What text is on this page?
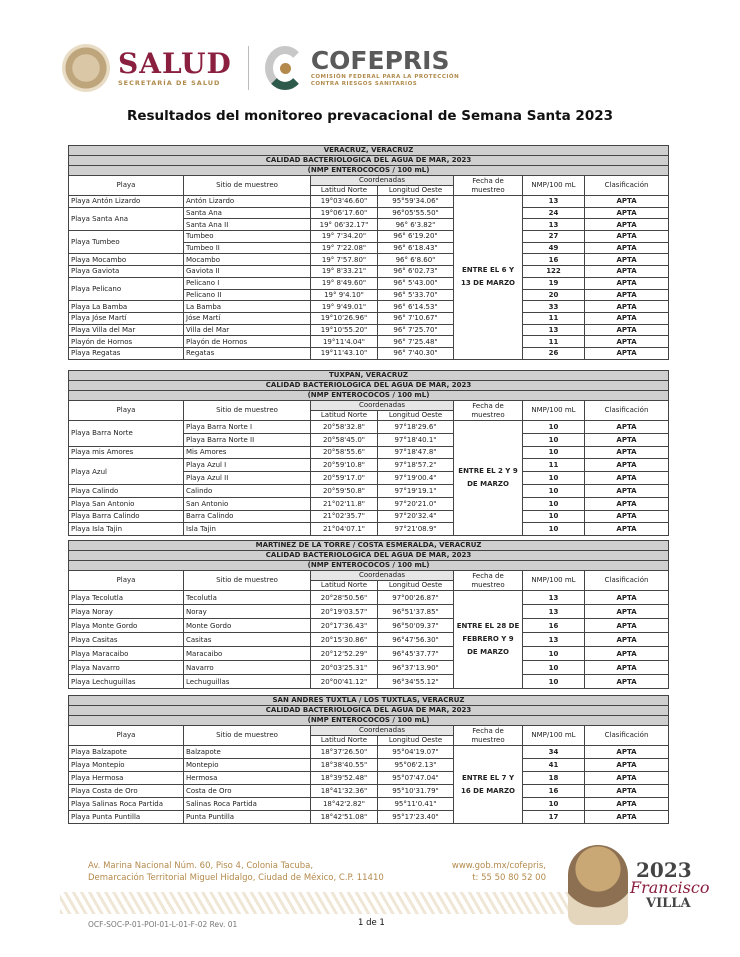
SALUD
SECRETARÍA DE SALUD
COFEPRIS
COMISIÓN FEDERAL PARA LA PROTECCIÓN
CONTRA RIESGOS SANITARIOS
Resultados del monitoreo prevacacional de Semana Santa 2023
VERACRUZ, VERACRUZ						
CALIDAD BACTERIOLOGICA DEL AGUA DE MAR, 2023						
(NMP ENTEROCOCOS / 100 mL)						
Playa	Sitio de muestreo	Coordenadas		Fecha de muestreo	NMP/100 mL	Clasificación
		Latitud Norte	Longitud Oeste			
Playa Antón Lizardo	Antón Lizardo	19°03'46.60"	95°59'34.06"	ENTRE EL 6 Y 13 DE MARZO	13	APTA
Playa Santa Ana	Santa Ana	19°06'17.60"	96°05'55.50"		24	APTA
	Santa Ana II	19° 06'32.17"	96° 6'3.82"		13	APTA
Playa Tumbeo	Tumbeo	19° 7'34.20"	96° 6'19.20"		27	APTA
	Tumbeo II	19° 7'22.08"	96° 6'18.43"		49	APTA
Playa Mocambo	Mocambo	19° 7'57.80"	96° 6'8.60"		16	APTA
Playa Gaviota	Gaviota II	19° 8'33.21"	96° 6'02.73"		122	APTA
Playa Pelicano	Pelicano I	19° 8'49.60"	96° 5'43.00"		19	APTA
	Pelicano II	19° 9'4.10"	96° 5'33.70"		20	APTA
Playa La Bamba	La Bamba	19° 9'49.01"	96° 6'14.53"		33	APTA
Playa Jóse Martí	Jóse Martí	19°10'26.96"	96° 7'10.67"		11	APTA
Playa Villa del Mar	Villa del Mar	19°10'55.20"	96° 7'25.70"		13	APTA
Playón de Hornos	Playón de Hornos	19°11'4.04"	96° 7'25.48"		11	APTA
Playa Regatas	Regatas	19°11'43.10"	96° 7'40.30"		26	APTA
TUXPAN, VERACRUZ						
CALIDAD BACTERIOLOGICA DEL AGUA DE MAR, 2023						
(NMP ENTEROCOCOS / 100 mL)						
Playa	Sitio de muestreo	Coordenadas		Fecha de muestreo	NMP/100 mL	Clasificación
		Latitud Norte	Longitud Oeste			
Playa Barra Norte	Playa Barra Norte I	20°58'32.8"	97°18'29.6"	ENTRE EL 2 Y 9 DE MARZO	10	APTA
	Playa Barra Norte II	20°58'45.0"	97°18'40.1"		10	APTA
Playa mis Amores	Mis Amores	20°58'55.6"	97°18'47.8"		10	APTA
Playa Azul	Playa Azul I	20°59'10.8"	97°18'57.2"		11	APTA
	Playa Azul II	20°59'17.0"	97°19'00.4"		10	APTA
Playa Calindo	Calindo	20°59'50.8"	97°19'19.1"		10	APTA
Playa San Antonio	San Antonio	21°02'11.8"	97°20'21.0"		10	APTA
Playa Barra Calindo	Barra Calindo	21°02'35.7"	97°20'32.4"		10	APTA
Playa Isla Tajin	Isla Tajin	21°04'07.1"	97°21'08.9"		10	APTA
MARTINEZ DE LA TORRE / COSTA ESMERALDA, VERACRUZ						
CALIDAD BACTERIOLOGICA DEL AGUA DE MAR, 2023						
(NMP ENTEROCOCOS / 100 mL)						
Playa	Sitio de muestreo	Coordenadas		Fecha de muestreo	NMP/100 mL	Clasificación
		Latitud Norte	Longitud Oeste			
Playa Tecolutla	Tecolutla	20°28'50.56"	97°00'26.87"	ENTRE EL 28 DE FEBRERO Y 9 DE MARZO	13	APTA
Playa Noray	Noray	20°19'03.57"	96°51'37.85"		13	APTA
Playa Monte Gordo	Monte Gordo	20°17'36.43"	96°50'09.37"		16	APTA
Playa Casitas	Casitas	20°15'30.86"	96°47'56.30"		13	APTA
Playa Maracaibo	Maracaibo	20°12'52.29"	96°45'37.77"		10	APTA
Playa Navarro	Navarro	20°03'25.31"	96°37'13.90"		10	APTA
Playa Lechuguillas	Lechuguillas	20°00'41.12"	96°34'55.12"		10	APTA
SAN ANDRES TUXTLA / LOS TUXTLAS, VERACRUZ						
CALIDAD BACTERIOLOGICA DEL AGUA DE MAR, 2023						
(NMP ENTEROCOCOS / 100 mL)						
Playa	Sitio de muestreo	Coordenadas		Fecha de muestreo	NMP/100 mL	Clasificación
		Latitud Norte	Longitud Oeste			
Playa Balzapote	Balzapote	18°37'26.50"	95°04'19.07"	ENTRE EL 7 Y 16 DE MARZO	34	APTA
Playa Montepio	Montepio	18°38'40.55"	95°06'2.13"		41	APTA
Playa Hermosa	Hermosa	18°39'52.48"	95°07'47.04"		18	APTA
Playa Costa de Oro	Costa de Oro	18°41'32.36"	95°10'31.79"		16	APTA
Playa Salinas Roca Partida	Salinas Roca Partida	18°42'2.82"	95°11'0.41"		10	APTA
Playa Punta Puntilla	Punta Puntilla	18°42'51.08"	95°17'23.40"		17	APTA
Av. Marina Nacional Núm. 60, Piso 4, Colonia Tacuba,
Demarcación Territorial Miguel Hidalgo, Ciudad de México, C.P. 11410
www.gob.mx/cofepris,
t: 55 50 80 52 00	2023
Francisco
VILLA
OCF-SOC-P-01-POI-01-L-01-F-02 Rev. 01	1 de 1
